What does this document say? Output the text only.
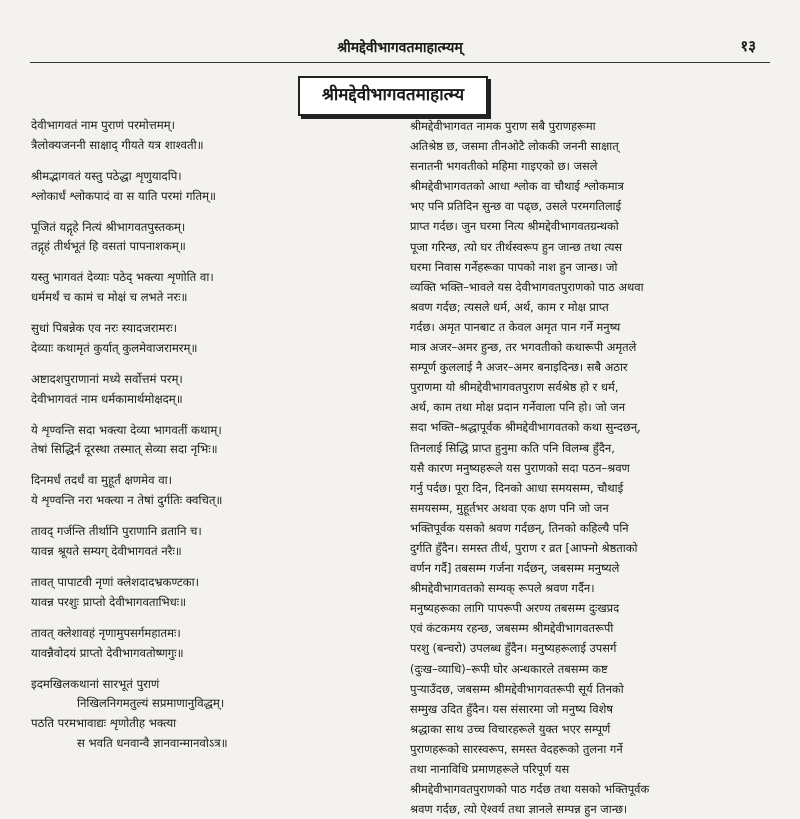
श्रीमद्देवीभागवतमाहात्म्यम्	१३
श्रीमद्देवीभागवतमाहात्म्य

देवीभागवतं नाम पुराणं परमोत्तमम्।
त्रैलोक्यजननी साक्षाद् गीयते यत्र शाश्वती॥

श्रीमद्भागवतं यस्तु पठेद्धा शृणुयादपि।
श्लोकार्धं श्लोकपादं वा स याति परमां गतिम्॥

पूजितं यद्गृहे नित्यं श्रीभागवतपुस्तकम्।
तद्गृहं तीर्थभूतं हि वसतां पापनाशकम्॥

यस्तु भागवतं देव्याः पठेद् भक्त्या शृणोति वा।
धर्ममर्थं च कामं च मोक्षं च लभते नरः॥

सुधां पिबन्नेक एव नरः स्यादजरामरः।
देव्याः कथामृतं कुर्यात् कुलमेवाजरामरम्॥

अष्टादशपुराणानां मध्ये सर्वोत्तमं परम्।
देवीभागवतं नाम धर्मकामार्थमोक्षदम्॥

ये शृण्वन्ति सदा भक्त्या देव्या भागवतीं कथाम्।
तेषां सिद्धिर्न दूरस्था तस्मात् सेव्या सदा नृभिः॥

दिनमर्धं तदर्धं वा मुहूर्तं क्षणमेव वा।
ये शृण्वन्ति नरा भक्त्या न तेषां दुर्गतिः क्वचित्॥

तावद् गर्जन्ति तीर्थानि पुराणानि व्रतानि च।
यावन्न श्रूयते सम्यग् देवीभागवतं नरैः॥

तावत् पापाटवी नृणां क्लेशदादभ्रकण्टका।
यावन्न परशुः प्राप्तो देवीभागवताभिधः॥

तावत् क्लेशावहं नृणामुपसर्गमहातमः।
यावन्नैवोदयं प्राप्तो देवीभागवतोष्णगुः॥

इदमखिलकथानां सारभूतं पुराणं
निखिलनिगमतुल्यं सप्रमाणानुविद्धम्।
पठति परमभावाद्यः शृणोतीह भक्त्या
स भवति धनवान्वै ज्ञानवान्मानवोऽत्र॥

श्रीमद्देवीभागवत नामक पुराण सबै पुराणहरूमा
अतिश्रेष्ठ छ, जसमा तीनओटै लोककी जननी साक्षात्
सनातनी भगवतीको महिमा गाइएको छ। जसले
श्रीमद्देवीभागवतको आधा श्लोक वा चौथाई श्लोकमात्र
भए पनि प्रतिदिन सुन्छ वा पढ्छ, उसले परमगतिलाई
प्राप्त गर्दछ। जुन घरमा नित्य श्रीमद्देवीभागवतग्रन्थको
पूजा गरिन्छ, त्यो घर तीर्थस्वरूप हुन जान्छ तथा त्यस
घरमा निवास गर्नेहरूका पापको नाश हुन जान्छ। जो
व्यक्ति भक्ति–भावले यस देवीभागवतपुराणको पाठ अथवा
श्रवण गर्दछ; त्यसले धर्म, अर्थ, काम र मोक्ष प्राप्त
गर्दछ। अमृत पानबाट त केवल अमृत पान गर्ने मनुष्य
मात्र अजर–अमर हुन्छ, तर भगवतीको कथारूपी अमृतले
सम्पूर्ण कुललाई नै अजर–अमर बनाइदिन्छ। सबै अठार
पुराणमा यो श्रीमद्देवीभागवतपुराण सर्वश्रेष्ठ हो र धर्म,
अर्थ, काम तथा मोक्ष प्रदान गर्नेवाला पनि हो। जो जन
सदा भक्ति–श्रद्धापूर्वक श्रीमद्देवीभागवतको कथा सुन्दछन्,
तिनलाई सिद्धि प्राप्त हुनुमा कति पनि विलम्ब हुँदैन,
यसै कारण मनुष्यहरूले यस पुराणको सदा पठन–श्रवण
गर्नु पर्दछ। पूरा दिन, दिनको आधा समयसम्म, चौथाई
समयसम्म, मुहूर्तभर अथवा एक क्षण पनि जो जन
भक्तिपूर्वक यसको श्रवण गर्दछन्, तिनको कहिल्यै पनि
दुर्गति हुँदैन। समस्त तीर्थ, पुराण र व्रत [आफ्नो श्रेष्ठताको
वर्णन गर्दै] तबसम्म गर्जना गर्दछन्, जबसम्म मनुष्यले
श्रीमद्देवीभागवतको सम्यक् रूपले श्रवण गर्दैन।
मनुष्यहरूका लागि पापरूपी अरण्य तबसम्म दुःखप्रद
एवं कंटकमय रहन्छ, जबसम्म श्रीमद्देवीभागवतरूपी
परशु (बन्चरो) उपलब्ध हुँदैन। मनुष्यहरूलाई उपसर्ग
(दुःख–व्याधि)–रूपी घोर अन्धकारले तबसम्म कष्ट
पुऱ्याउँदछ, जबसम्म श्रीमद्देवीभागवतरूपी सूर्य तिनको
सम्मुख उदित हुँदैन। यस संसारमा जो मनुष्य विशेष
श्रद्धाका साथ उच्च विचारहरूले युक्त भएर सम्पूर्ण
पुराणहरूको सारस्वरूप, समस्त वेदहरूको तुलना गर्ने
तथा नानाविधि प्रमाणहरूले परिपूर्ण यस
श्रीमद्देवीभागवतपुराणको पाठ गर्दछ तथा यसको भक्तिपूर्वक
श्रवण गर्दछ, त्यो ऐश्वर्य तथा ज्ञानले सम्पन्न हुन जान्छ।
